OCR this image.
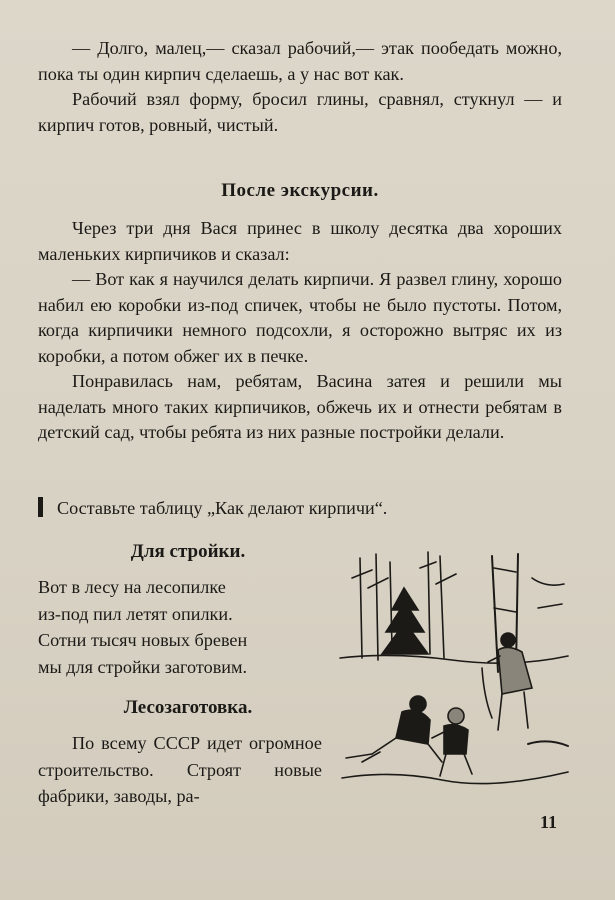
— Долго, малец,— сказал рабочий,— этак пообедать можно, пока ты один кирпич сделаешь, а у нас вот как.

Рабочий взял форму, бросил глины, сравнял, стукнул — и кирпич готов, ровный, чистый.

После экскурсии.

Через три дня Вася принес в школу десятка два хороших маленьких кирпичиков и сказал:

— Вот как я научился делать кирпичи. Я развел глину, хорошо набил ею коробки из-под спичек, чтобы не было пустоты. Потом, когда кирпичики немного подсохли, я осторожно вытряс их из коробки, а потом обжег их в печке.

Понравилась нам, ребятам, Васина затея и решили мы наделать много таких кирпичиков, обжечь их и отнести ребятам в детский сад, чтобы ребята из них разные постройки делали.

Составьте таблицу „Как делают кирпичи“.
Для стройки.
Вот в лесу на лесопилке
из-под пил летят опилки.
Сотни тысяч новых бревен
мы для стройки заготовим.
Лесозаготовка.

По всему СССР идет огромное строительство. Строят новые фабрики, заводы, ра-

11
